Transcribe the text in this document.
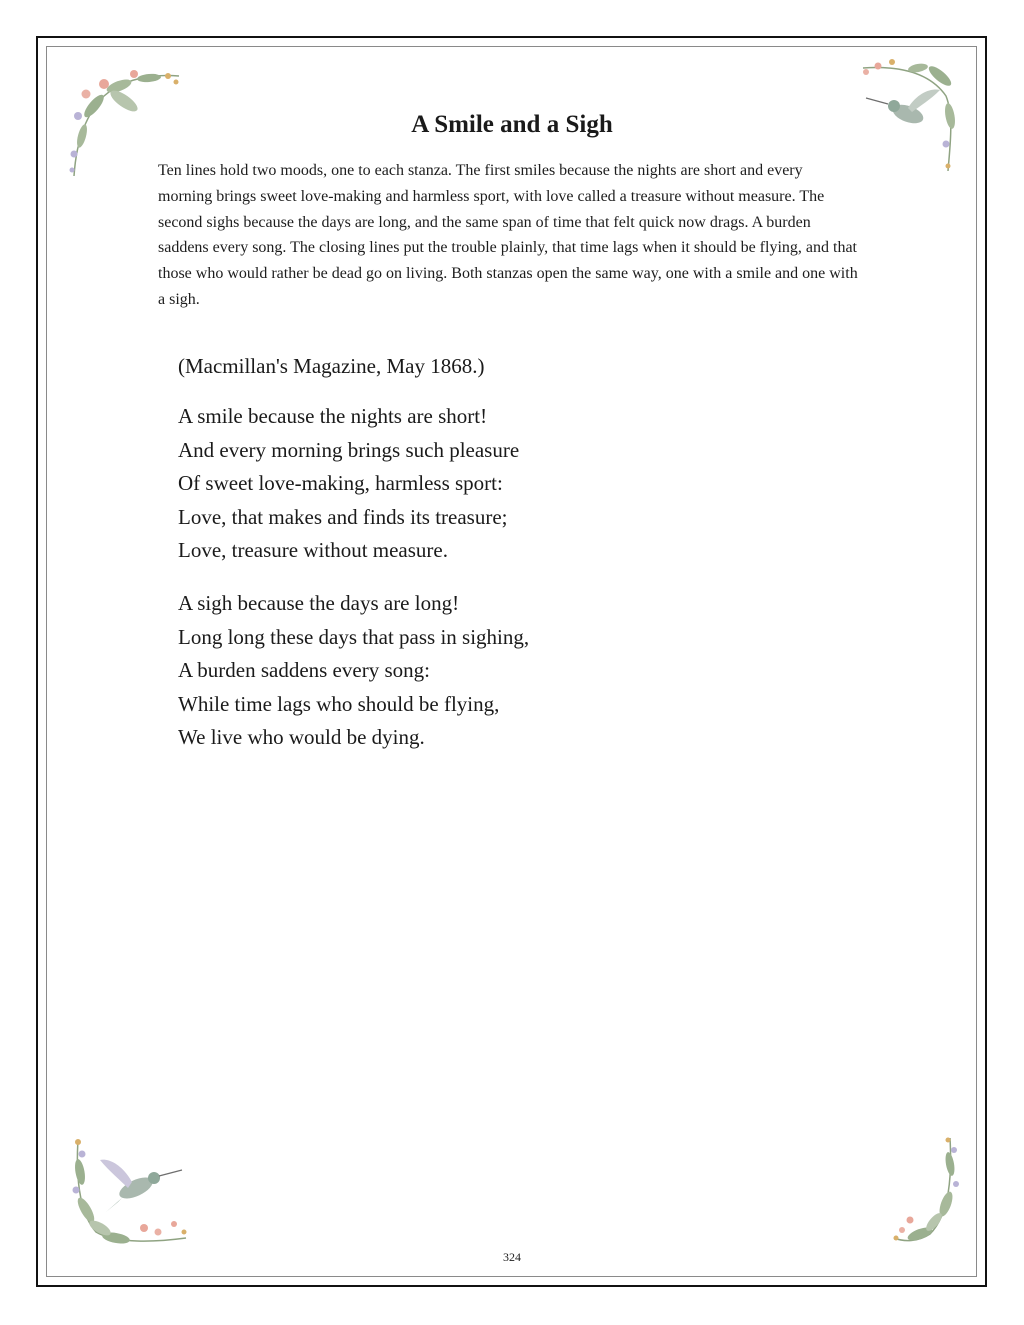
A Smile and a Sigh

Ten lines hold two moods, one to each stanza. The first smiles because the nights are short and every morning brings sweet love-making and harmless sport, with love called a treasure without measure. The second sighs because the days are long, and the same span of time that felt quick now drags. A burden saddens every song. The closing lines put the trouble plainly, that time lags when it should be flying, and that those who would rather be dead go on living. Both stanzas open the same way, one with a smile and one with a sigh.

(Macmillan's Magazine, May 1868.)

A smile because the nights are short!
And every morning brings such pleasure
Of sweet love-making, harmless sport:
Love, that makes and finds its treasure;
Love, treasure without measure.
A sigh because the days are long!
Long long these days that pass in sighing,
A burden saddens every song:
While time lags who should be flying,
We live who would be dying.

324
